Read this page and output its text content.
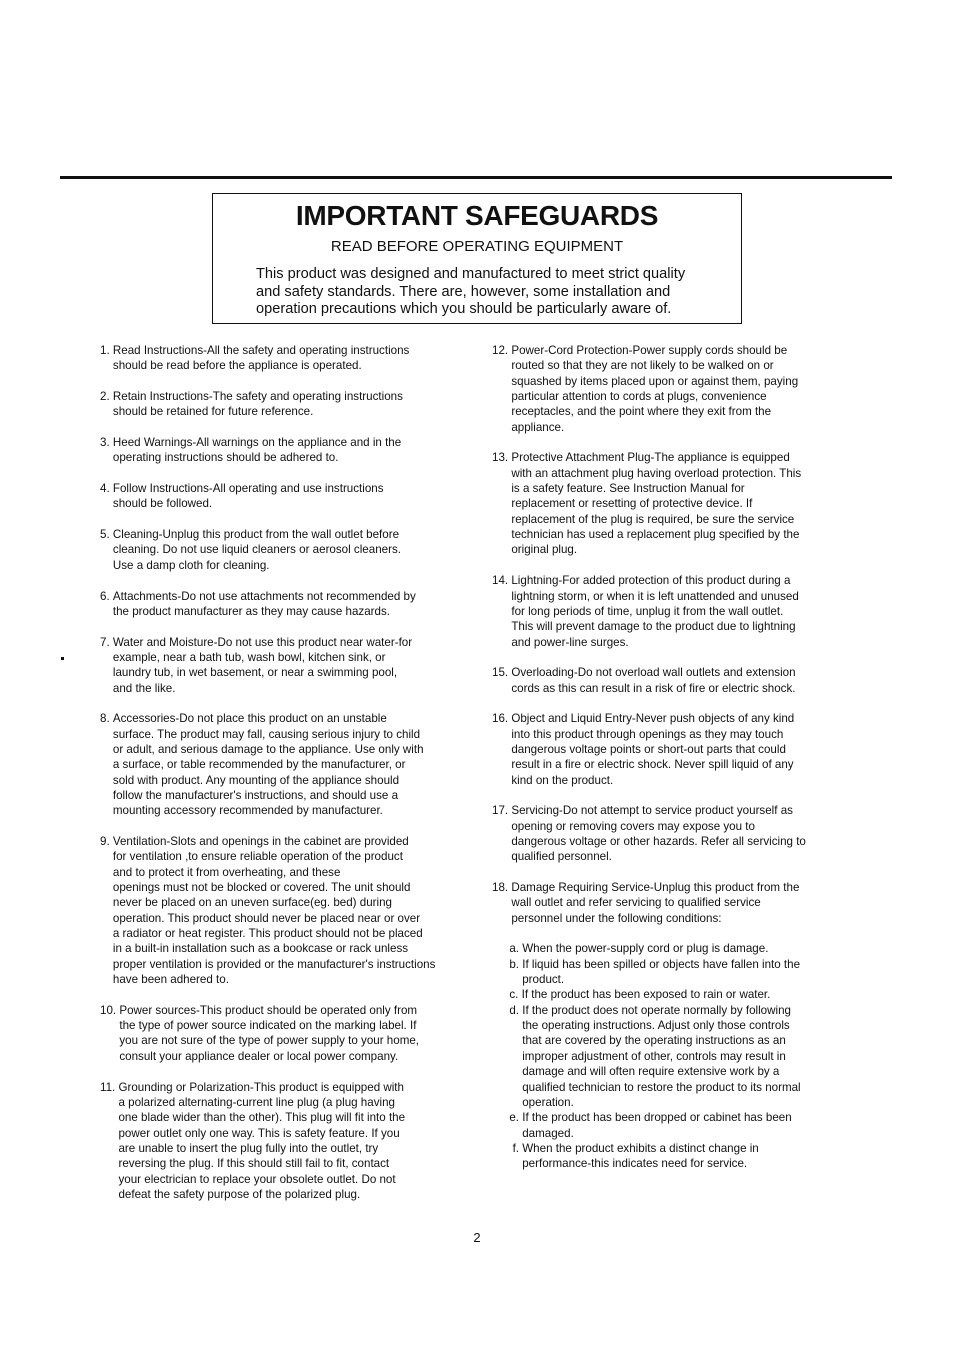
IMPORTANT SAFEGUARDS
READ BEFORE OPERATING EQUIPMENT
This product was designed and manufactured to meet strict quality
and safety standards. There are, however, some installation and
operation precautions which you should be particularly aware of.
1. Read Instructions-All the safety and operating instructions
should be read before the appliance is operated.
2. Retain Instructions-The safety and operating instructions
should be retained for future reference.
3. Heed Warnings-All warnings on the appliance and in the
operating instructions should be adhered to.
4. Follow Instructions-All operating and use instructions
should be followed.
5. Cleaning-Unplug this product from the wall outlet before
cleaning. Do not use liquid cleaners or aerosol cleaners.
Use a damp cloth for cleaning.
6. Attachments-Do not use attachments not recommended by
the product manufacturer as they may cause hazards.
7. Water and Moisture-Do not use this product near water-for
example, near a bath tub, wash bowl, kitchen sink, or
laundry tub, in wet basement, or near a swimming pool,
and the like.
8. Accessories-Do not place this product on an unstable
surface. The product may fall, causing serious injury to child
or adult, and serious damage to the appliance. Use only with
a surface, or table recommended by the manufacturer, or
sold with product. Any mounting of the appliance should
follow the manufacturer's instructions, and should use a
mounting accessory recommended by manufacturer.
9. Ventilation-Slots and openings in the cabinet are provided
for ventilation ,to ensure reliable operation of the product
and to protect it from overheating, and these
openings must not be blocked or covered. The unit should
never be placed on an uneven surface(eg. bed) during
operation. This product should never be placed near or over
a radiator or heat register. This product should not be placed
in a built-in installation such as a bookcase or rack unless
proper ventilation is provided or the manufacturer's instructions
have been adhered to.
10. Power sources-This product should be operated only from
the type of power source indicated on the marking label. If
you are not sure of the type of power supply to your home,
consult your appliance dealer or local power company.
11. Grounding or Polarization-This product is equipped with
a polarized alternating-current line plug (a plug having
one blade wider than the other). This plug will fit into the
power outlet only one way. This is safety feature. If you
are unable to insert the plug fully into the outlet, try
reversing the plug. If this should still fail to fit, contact
your electrician to replace your obsolete outlet. Do not
defeat the safety purpose of the polarized plug.
12. Power-Cord Protection-Power supply cords should be
routed so that they are not likely to be walked on or
squashed by items placed upon or against them, paying
particular attention to cords at plugs, convenience
receptacles, and the point where they exit from the
appliance.
13. Protective Attachment Plug-The appliance is equipped
with an attachment plug having overload protection. This
is a safety feature. See Instruction Manual for
replacement or resetting of protective device. If
replacement of the plug is required, be sure the service
technician has used a replacement plug specified by the
original plug.
14. Lightning-For added protection of this product during a
lightning storm, or when it is left unattended and unused
for long periods of time, unplug it from the wall outlet.
This will prevent damage to the product due to lightning
and power-line surges.
15. Overloading-Do not overload wall outlets and extension
cords as this can result in a risk of fire or electric shock.
16. Object and Liquid Entry-Never push objects of any kind
into this product through openings as they may touch
dangerous voltage points or short-out parts that could
result in a fire or electric shock. Never spill liquid of any
kind on the product.
17. Servicing-Do not attempt to service product yourself as
opening or removing covers may expose you to
dangerous voltage or other hazards. Refer all servicing to
qualified personnel.
18. Damage Requiring Service-Unplug this product from the
wall outlet and refer servicing to qualified service
personnel under the following conditions:
a. When the power-supply cord or plug is damage.
b. If liquid has been spilled or objects have fallen into the
product.
c. If the product has been exposed to rain or water.
d. If the product does not operate normally by following
the operating instructions. Adjust only those controls
that are covered by the operating instructions as an
improper adjustment of other, controls may result in
damage and will often require extensive work by a
qualified technician to restore the product to its normal
operation.
e. If the product has been dropped or cabinet has been
damaged.
f. When the product exhibits a distinct change in
performance-this indicates need for service.
2
